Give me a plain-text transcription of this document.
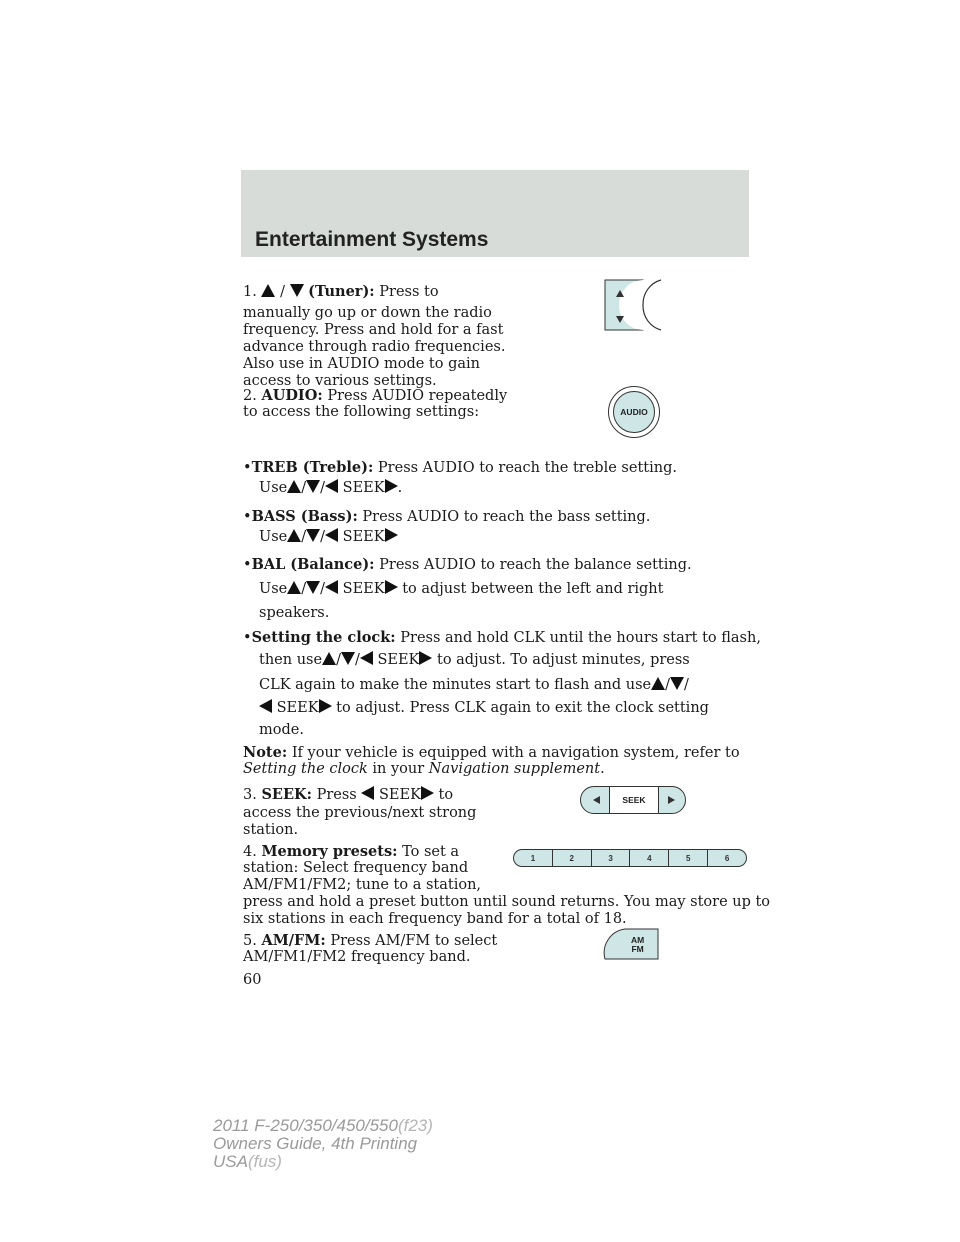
Entertainment Systems
1. / (Tuner): Press to
manually go up or down the radio
frequency. Press and hold for a fast
advance through radio frequencies.
Also use in AUDIO mode to gain
access to various settings.
2. AUDIO: Press AUDIO repeatedly
to access the following settings:	AUDIO
•TREB (Treble): Press AUDIO to reach the treble setting.
Use / / SEEK .
•BASS (Bass): Press AUDIO to reach the bass setting.
Use / / SEEK
•BAL (Balance): Press AUDIO to reach the balance setting.
Use / / SEEK to adjust between the left and right
speakers.
•Setting the clock: Press and hold CLK until the hours start to flash,
then use / / SEEK to adjust. To adjust minutes, press
CLK again to make the minutes start to flash and use / /
SEEK to adjust. Press CLK again to exit the clock setting
mode.
Note: If your vehicle is equipped with a navigation system, refer to
Setting the clock in your Navigation supplement.
3. SEEK: Press SEEK to
access the previous/next strong
station.
SEEK
4. Memory presets: To set a
station: Select frequency band
AM/FM1/FM2; tune to a station,
press and hold a preset button until sound returns. You may store up to
six stations in each frequency band for a total of 18.
1	2	3	4	5	6
5. AM/FM: Press AM/FM to select
AM/FM1/FM2 frequency band.
AM
FM
60
2011 F-250/350/450/550(f23)
Owners Guide, 4th Printing
USA(fus)
